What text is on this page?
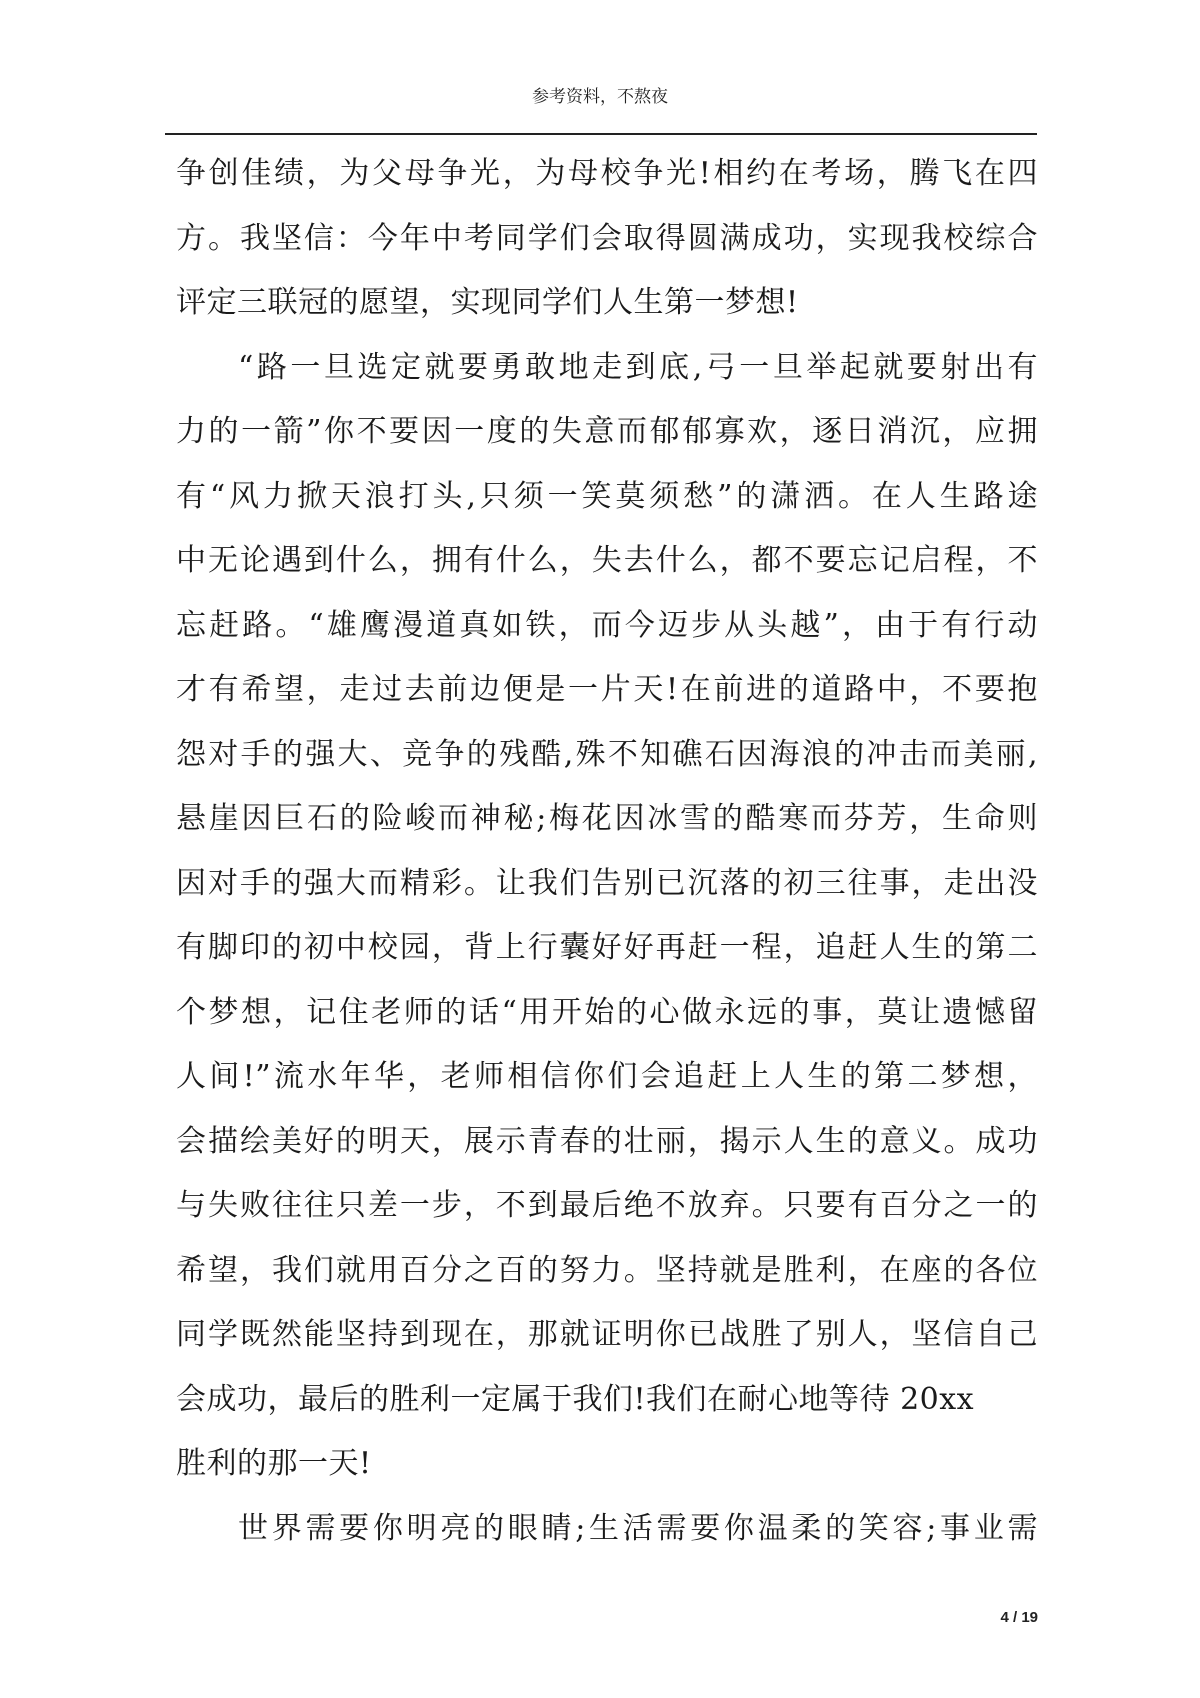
参考资料，不熬夜
争创佳绩，为父母争光，为母校争光!相约在考场，腾飞在四
方。我坚信：今年中考同学们会取得圆满成功，实现我校综合
评定三联冠的愿望，实现同学们人生第一梦想!
“路一旦选定就要勇敢地走到底,弓一旦举起就要射出有
力的一箭”你不要因一度的失意而郁郁寡欢，逐日消沉，应拥
有“风力掀天浪打头,只须一笑莫须愁”的潇洒。在人生路途
中无论遇到什么，拥有什么，失去什么，都不要忘记启程，不
忘赶路。“雄鹰漫道真如铁，而今迈步从头越”，由于有行动
才有希望，走过去前边便是一片天!在前进的道路中，不要抱
怨对手的强大、竞争的残酷,殊不知礁石因海浪的冲击而美丽,
悬崖因巨石的险峻而神秘;梅花因冰雪的酷寒而芬芳，生命则
因对手的强大而精彩。让我们告别已沉落的初三往事，走出没
有脚印的初中校园，背上行囊好好再赶一程，追赶人生的第二
个梦想，记住老师的话“用开始的心做永远的事，莫让遗憾留
人间!”流水年华，老师相信你们会追赶上人生的第二梦想，
会描绘美好的明天，展示青春的壮丽，揭示人生的意义。成功
与失败往往只差一步，不到最后绝不放弃。只要有百分之一的
希望，我们就用百分之百的努力。坚持就是胜利，在座的各位
同学既然能坚持到现在，那就证明你已战胜了别人，坚信自己
会成功，最后的胜利一定属于我们!我们在耐心地等待 20xx
胜利的那一天!
世界需要你明亮的眼睛;生活需要你温柔的笑容;事业需
4 / 19
